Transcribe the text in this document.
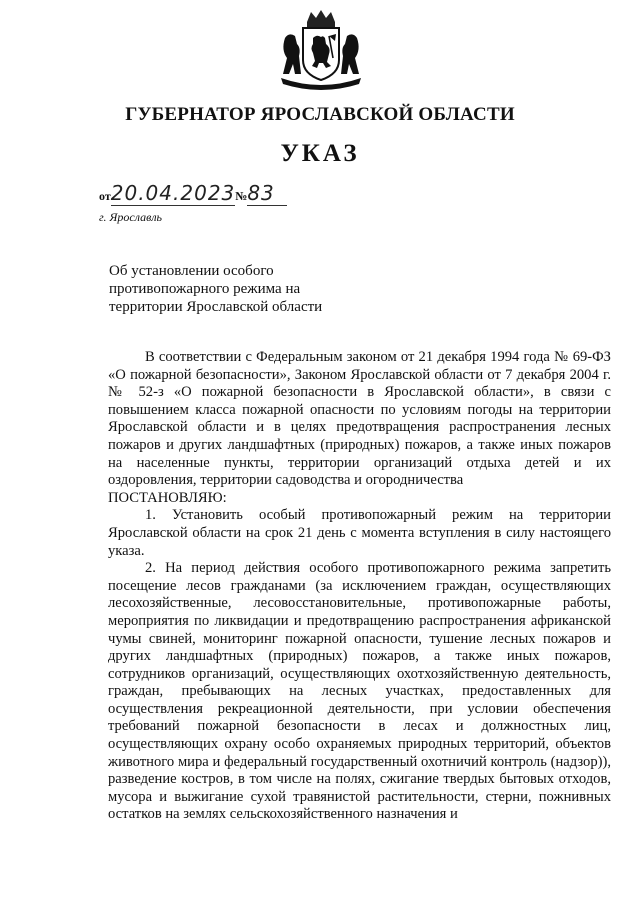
ГУБЕРНАТОР ЯРОСЛАВСКОЙ ОБЛАСТИ
УКАЗ
от20.04.2023№83
г. Ярославль
Об установлении особого
противопожарного режима на
территории Ярославской области

В соответствии с Федеральным законом от 21 декабря 1994 года № 69-ФЗ «О пожарной безопасности», Законом Ярославской области от 7 декабря 2004 г. № 52-з «О пожарной безопасности в Ярославской области», в связи с повышением класса пожарной опасности по условиям погоды на территории Ярославской области и в целях предотвращения распространения лесных пожаров и других ландшафтных (природных) пожаров, а также иных пожаров на населенные пункты, территории организаций отдыха детей и их оздоровления, территории садоводства и огородничества

ПОСТАНОВЛЯЮ:

1. Установить особый противопожарный режим на территории Ярославской области на срок 21 день с момента вступления в силу настоящего указа.

2. На период действия особого противопожарного режима запретить посещение лесов гражданами (за исключением граждан, осуществляющих лесохозяйственные, лесовосстановительные, противопожарные работы, мероприятия по ликвидации и предотвращению распространения африканской чумы свиней, мониторинг пожарной опасности, тушение лесных пожаров и других ландшафтных (природных) пожаров, а также иных пожаров, сотрудников организаций, осуществляющих охотхозяйственную деятельность, граждан, пребывающих на лесных участках, предоставленных для осуществления рекреационной деятельности, при условии обеспечения требований пожарной безопасности в лесах и должностных лиц, осуществляющих охрану особо охраняемых природных территорий, объектов животного мира и федеральный государственный охотничий контроль (надзор)), разведение костров, в том числе на полях, сжигание твердых бытовых отходов, мусора и выжигание сухой травянистой растительности, стерни, пожнивных остатков на землях сельскохозяйственного назначения и
